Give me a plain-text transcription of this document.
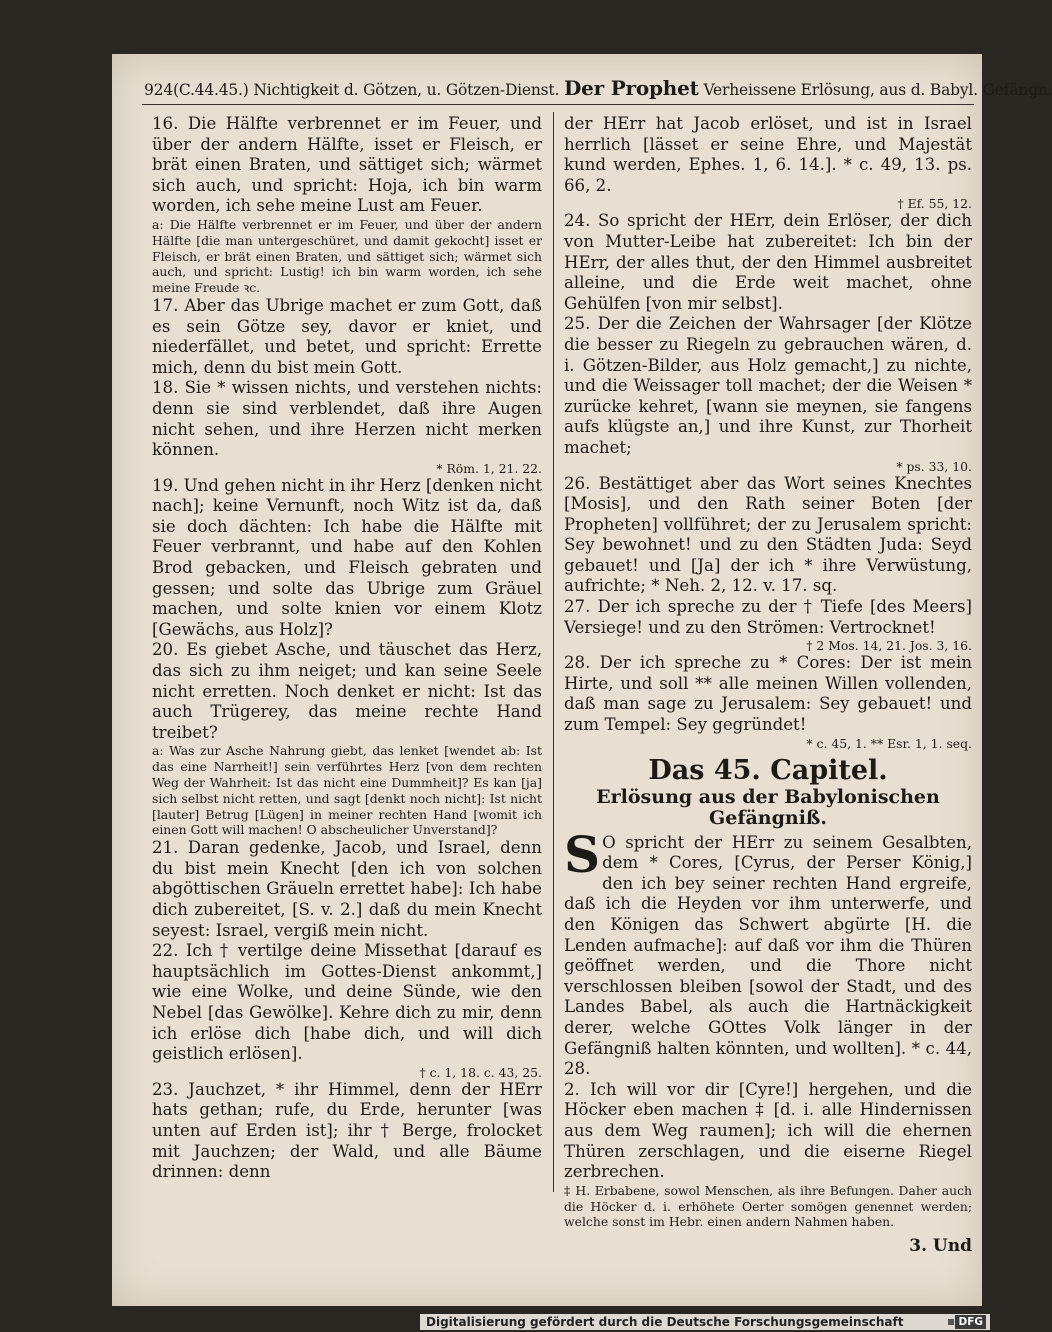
924(C.44.45.) Nichtigkeit d. Götzen, u. Götzen-Dienst. Der Prophet Verheissene Erlösung, aus d. Babyl. Gefängn.

16. Die Hälfte verbrennet er im Feuer, und über der andern Hälfte, isset er Fleisch, er brät einen Braten, und sättiget sich; wärmet sich auch, und spricht: Hoja, ich bin warm worden, ich sehe meine Lust am Feuer.

a: Die Hälfte verbrennet er im Feuer, und über der andern Hälfte [die man untergeschüret, und damit gekocht] isset er Fleisch, er brät einen Braten, und sättiget sich; wärmet sich auch, und spricht: Lustig! ich bin warm worden, ich sehe meine Freude ꝛc.

17. Aber das Ubrige machet er zum Gott, daß es sein Götze sey, davor er kniet, und niederfället, und betet, und spricht: Errette mich, denn du bist mein Gott.

18. Sie * wissen nichts, und verstehen nichts: denn sie sind verblendet, daß ihre Augen nicht sehen, und ihre Herzen nicht merken können.

* Röm. 1, 21. 22.

19. Und gehen nicht in ihr Herz [denken nicht nach]; keine Vernunft, noch Witz ist da, daß sie doch dächten: Ich habe die Hälfte mit Feuer verbrannt, und habe auf den Kohlen Brod gebacken, und Fleisch gebraten und gessen; und solte das Ubrige zum Gräuel machen, und solte knien vor einem Klotz [Gewächs, aus Holz]?

20. Es giebet Asche, und täuschet das Herz, das sich zu ihm neiget; und kan seine Seele nicht erretten. Noch denket er nicht: Ist das auch Trügerey, das meine rechte Hand treibet?

a: Was zur Asche Nahrung giebt, das lenket [wendet ab: Ist das eine Narrheit!] sein verführtes Herz [von dem rechten Weg der Wahrheit: Ist das nicht eine Dummheit]? Es kan [ja] sich selbst nicht retten, und sagt [denkt noch nicht]: Ist nicht [lauter] Betrug [Lügen] in meiner rechten Hand [womit ich einen Gott will machen! O abscheulicher Unverstand]?

21. Daran gedenke, Jacob, und Israel, denn du bist mein Knecht [den ich von solchen abgöttischen Gräueln errettet habe]: Ich habe dich zubereitet, [S. v. 2.] daß du mein Knecht seyest: Israel, vergiß mein nicht.

22. Ich † vertilge deine Missethat [darauf es hauptsächlich im Gottes-Dienst ankommt,] wie eine Wolke, und deine Sünde, wie den Nebel [das Gewölke]. Kehre dich zu mir, denn ich erlöse dich [habe dich, und will dich geistlich erlösen].

† c. 1, 18. c. 43, 25.

23. Jauchzet, * ihr Himmel, denn der HErr hats gethan; rufe, du Erde, herunter [was unten auf Erden ist]; ihr † Berge, frolocket mit Jauchzen; der Wald, und alle Bäume drinnen: denn

der HErr hat Jacob erlöset, und ist in Israel herrlich [lässet er seine Ehre, und Majestät kund werden, Ephes. 1, 6. 14.]. * c. 49, 13. ps. 66, 2.

† Ef. 55, 12.

24. So spricht der HErr, dein Erlöser, der dich von Mutter-Leibe hat zubereitet: Ich bin der HErr, der alles thut, der den Himmel ausbreitet alleine, und die Erde weit machet, ohne Gehülfen [von mir selbst].

25. Der die Zeichen der Wahrsager [der Klötze die besser zu Riegeln zu gebrauchen wären, d. i. Götzen-Bilder, aus Holz gemacht,] zu nichte, und die Weissager toll machet; der die Weisen * zurücke kehret, [wann sie meynen, sie fangens aufs klügste an,] und ihre Kunst, zur Thorheit machet;

* ps. 33, 10.

26. Bestättiget aber das Wort seines Knechtes [Mosis], und den Rath seiner Boten [der Propheten] vollführet; der zu Jerusalem spricht: Sey bewohnet! und zu den Städten Juda: Seyd gebauet! und [Ja] der ich * ihre Verwüstung, aufrichte; * Neh. 2, 12. v. 17. sq.

27. Der ich spreche zu der † Tiefe [des Meers] Versiege! und zu den Strömen: Vertrocknet!

† 2 Mos. 14, 21. Jos. 3, 16.

28. Der ich spreche zu * Cores: Der ist mein Hirte, und soll ** alle meinen Willen vollenden, daß man sage zu Jerusalem: Sey gebauet! und zum Tempel: Sey gegründet!

* c. 45, 1. ** Esr. 1, 1. seq.

Das 45. Capitel.

Erlösung aus der Babylonischen Gefängniß.

S O spricht der HErr zu seinem Gesalbten, dem * Cores, [Cyrus, der Perser König,] den ich bey seiner rechten Hand ergreife, daß ich die Heyden vor ihm unterwerfe, und den Königen das Schwert abgürte [H. die Lenden aufmache]: auf daß vor ihm die Thüren geöffnet werden, und die Thore nicht verschlossen bleiben [sowol der Stadt, und des Landes Babel, als auch die Hartnäckigkeit derer, welche GOttes Volk länger in der Gefängniß halten könnten, und wollten]. * c. 44, 28.

2. Ich will vor dir [Cyre!] hergehen, und die Höcker eben machen ‡ [d. i. alle Hindernissen aus dem Weg raumen]; ich will die ehernen Thüren zerschlagen, und die eiserne Riegel zerbrechen.

‡ H. Erbabene, sowol Menschen, als ihre Befungen. Daher auch die Höcker d. i. erhöhete Oerter somögen genennet werden; welche sonst im Hebr. einen andern Nahmen haben.

3. Und

Digitalisierung gefördert durch die Deutsche Forschungsgemeinschaft	DFG
